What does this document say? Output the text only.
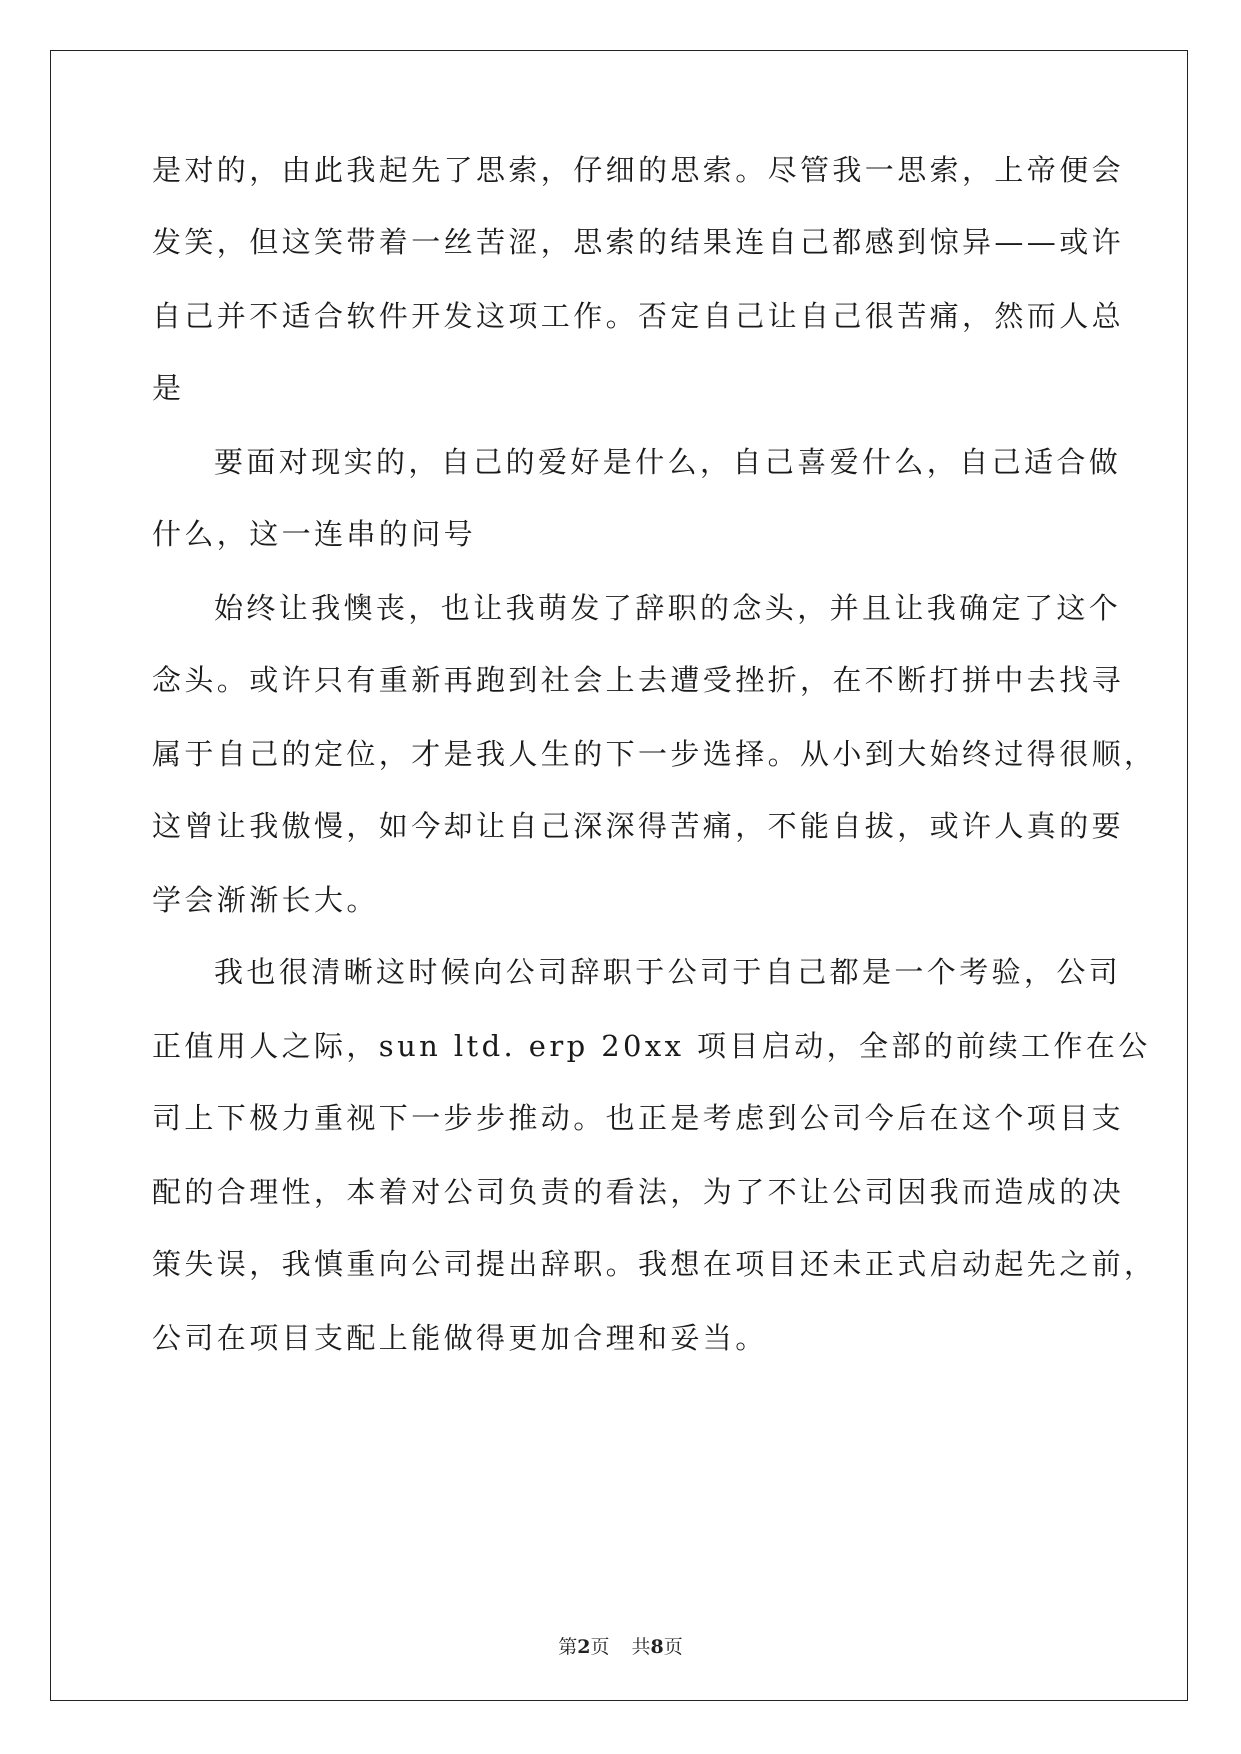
是对的，由此我起先了思索，仔细的思索。尽管我一思索，上帝便会
发笑，但这笑带着一丝苦涩，思索的结果连自己都感到惊异——或许
自己并不适合软件开发这项工作。否定自己让自己很苦痛，然而人总
是
要面对现实的，自己的爱好是什么，自己喜爱什么，自己适合做
什么，这一连串的问号
始终让我懊丧，也让我萌发了辞职的念头，并且让我确定了这个
念头。或许只有重新再跑到社会上去遭受挫折，在不断打拼中去找寻
属于自己的定位，才是我人生的下一步选择。从小到大始终过得很顺，
这曾让我傲慢，如今却让自己深深得苦痛，不能自拔，或许人真的要
学会渐渐长大。
我也很清晰这时候向公司辞职于公司于自己都是一个考验，公司
正值用人之际，sun ltd. erp 20xx 项目启动，全部的前续工作在公
司上下极力重视下一步步推动。也正是考虑到公司今后在这个项目支
配的合理性，本着对公司负责的看法，为了不让公司因我而造成的决
策失误，我慎重向公司提出辞职。我想在项目还未正式启动起先之前，
公司在项目支配上能做得更加合理和妥当。
第2页 共8页
